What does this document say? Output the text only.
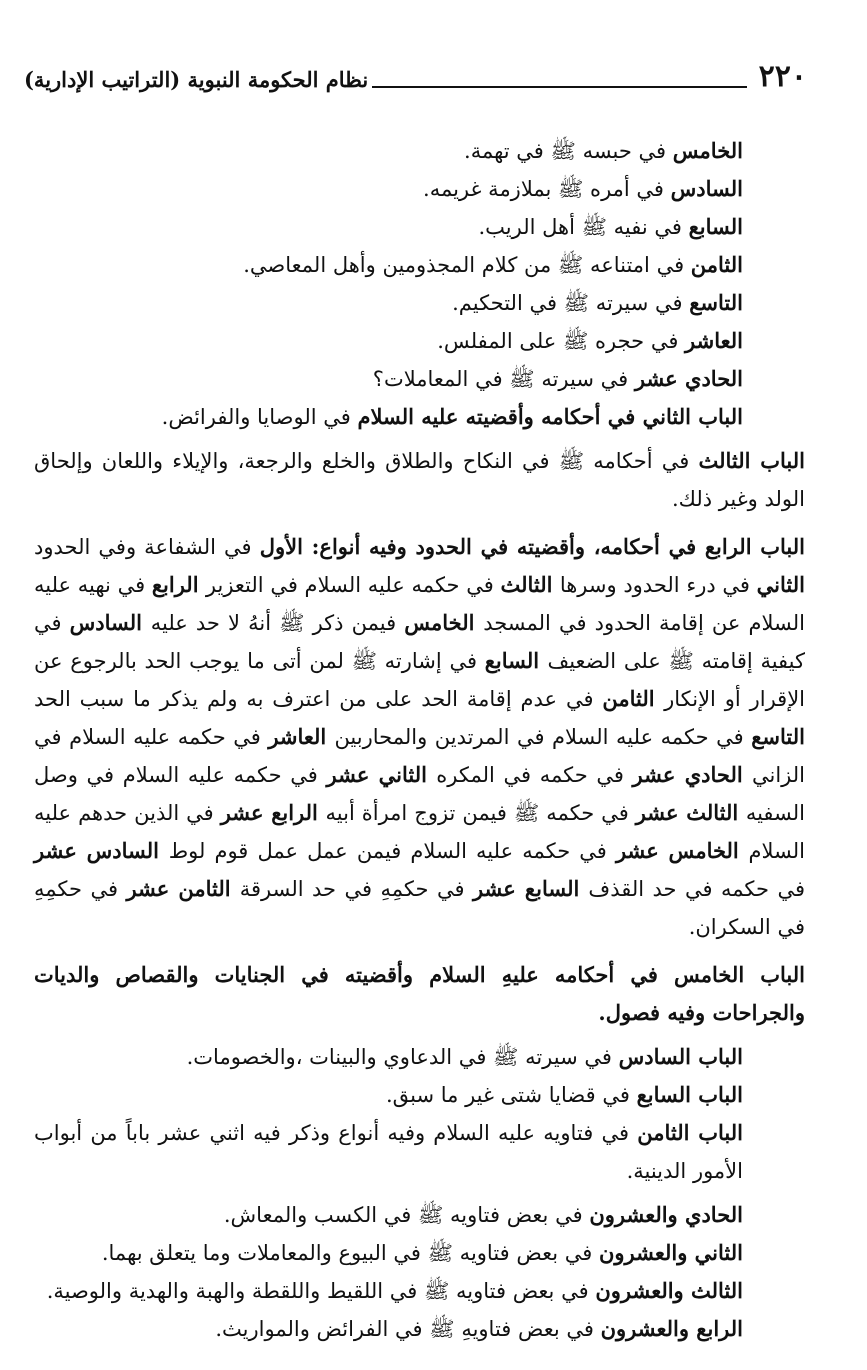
٢٢٠
نظام الحكومة النبوية (التراتيب الإدارية)

الخامس في حبسه ﷺ في تهمة.

السادس في أمره ﷺ بملازمة غريمه.

السابع في نفيه ﷺ أهل الريب.

الثامن في امتناعه ﷺ من كلام المجذومين وأهل المعاصي.

التاسع في سيرته ﷺ في التحكيم.

العاشر في حجره ﷺ على المفلس.

الحادي عشر في سيرته ﷺ في المعاملات؟

الباب الثاني في أحكامه وأقضيته عليه السلام في الوصايا والفرائض.

الباب الثالث في أحكامه ﷺ في النكاح والطلاق والخلع والرجعة، والإيلاء واللعان وإلحاق الولد وغير ذلك.

الباب الرابع في أحكامه، وأقضيته في الحدود وفيه أنواع: الأول في الشفاعة وفي الحدود الثاني في درء الحدود وسرها الثالث في حكمه عليه السلام في التعزير الرابع في نهيه عليه السلام عن إقامة الحدود في المسجد الخامس فيمن ذكر ﷺ أنهُ لا حد عليه السادس في كيفية إقامته ﷺ على الضعيف السابع في إشارته ﷺ لمن أتى ما يوجب الحد بالرجوع عن الإقرار أو الإنكار الثامن في عدم إقامة الحد على من اعترف به ولم يذكر ما سبب الحد التاسع في حكمه عليه السلام في المرتدين والمحاربين العاشر في حكمه عليه السلام في الزاني الحادي عشر في حكمه في المكره الثاني عشر في حكمه عليه السلام في وصل السفيه الثالث عشر في حكمه ﷺ فيمن تزوج امرأة أبيه الرابع عشر في الذين حدهم عليه السلام الخامس عشر في حكمه عليه السلام فيمن عمل عمل قوم لوط السادس عشر في حكمه في حد القذف السابع عشر في حكمِهِ في حد السرقة الثامن عشر في حكمِهِ في السكران.

الباب الخامس في أحكامه عليهِ السلام وأقضيته في الجنايات والقصاص والديات والجراحات وفيه فصول.

الباب السادس في سيرته ﷺ في الدعاوي والبينات ،والخصومات.

الباب السابع في قضايا شتى غير ما سبق.

الباب الثامن في فتاويه عليه السلام وفيه أنواع وذكر فيه اثني عشر باباً من أبواب الأمور الدينية.

الحادي والعشرون في بعض فتاويه ﷺ في الكسب والمعاش.

الثاني والعشرون في بعض فتاويه ﷺ في البيوع والمعاملات وما يتعلق بهما.

الثالث والعشرون في بعض فتاويه ﷺ في اللقيط واللقطة والهبة والهدية والوصية.

الرابع والعشرون في بعض فتاويهِ ﷺ في الفرائض والمواريث.
